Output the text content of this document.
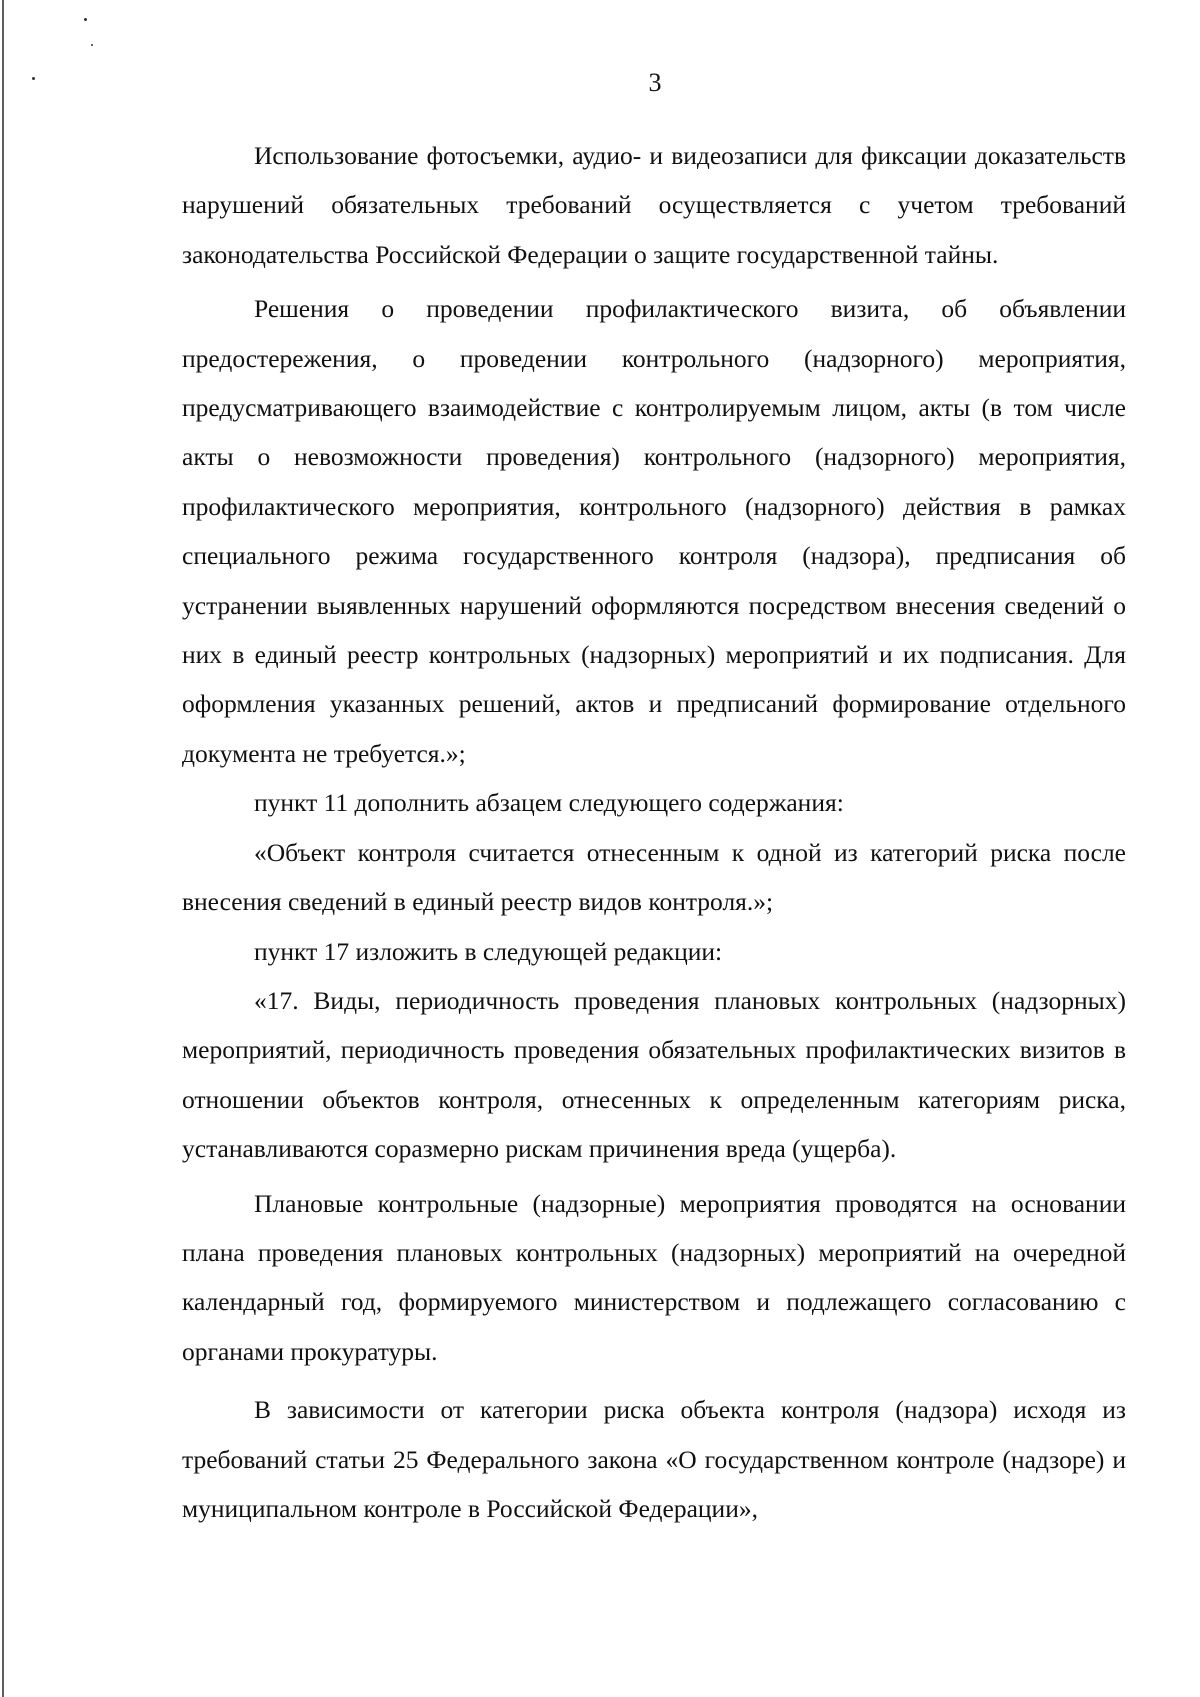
3

Использование фотосъемки, аудио- и видеозаписи для фиксации доказательств нарушений обязательных требований осуществляется с учетом требований законодательства Российской Федерации о защите государственной тайны.

Решения о проведении профилактического визита, об объявлении предостережения, о проведении контрольного (надзорного) мероприятия, предусматривающего взаимодействие с контролируемым лицом, акты (в том числе акты о невозможности проведения) контрольного (надзорного) мероприятия, профилактического мероприятия, контрольного (надзорного) действия в рамках специального режима государственного контроля (надзора), предписания об устранении выявленных нарушений оформляются посредством внесения сведений о них в единый реестр контрольных (надзорных) мероприятий и их подписания. Для оформления указанных решений, актов и предписаний формирование отдельного документа не требуется.»;

пункт 11 дополнить абзацем следующего содержания:

«Объект контроля считается отнесенным к одной из категорий риска после внесения сведений в единый реестр видов контроля.»;

пункт 17 изложить в следующей редакции:

«17. Виды, периодичность проведения плановых контрольных (надзорных) мероприятий, периодичность проведения обязательных профилактических визитов в отношении объектов контроля, отнесенных к определенным категориям риска, устанавливаются соразмерно рискам причинения вреда (ущерба).

Плановые контрольные (надзорные) мероприятия проводятся на основании плана проведения плановых контрольных (надзорных) мероприятий на очередной календарный год, формируемого министерством и подлежащего согласованию с органами прокуратуры.

В зависимости от категории риска объекта контроля (надзора) исходя из требований статьи 25 Федерального закона «О государственном контроле (надзоре) и муниципальном контроле в Российской Федерации»,
